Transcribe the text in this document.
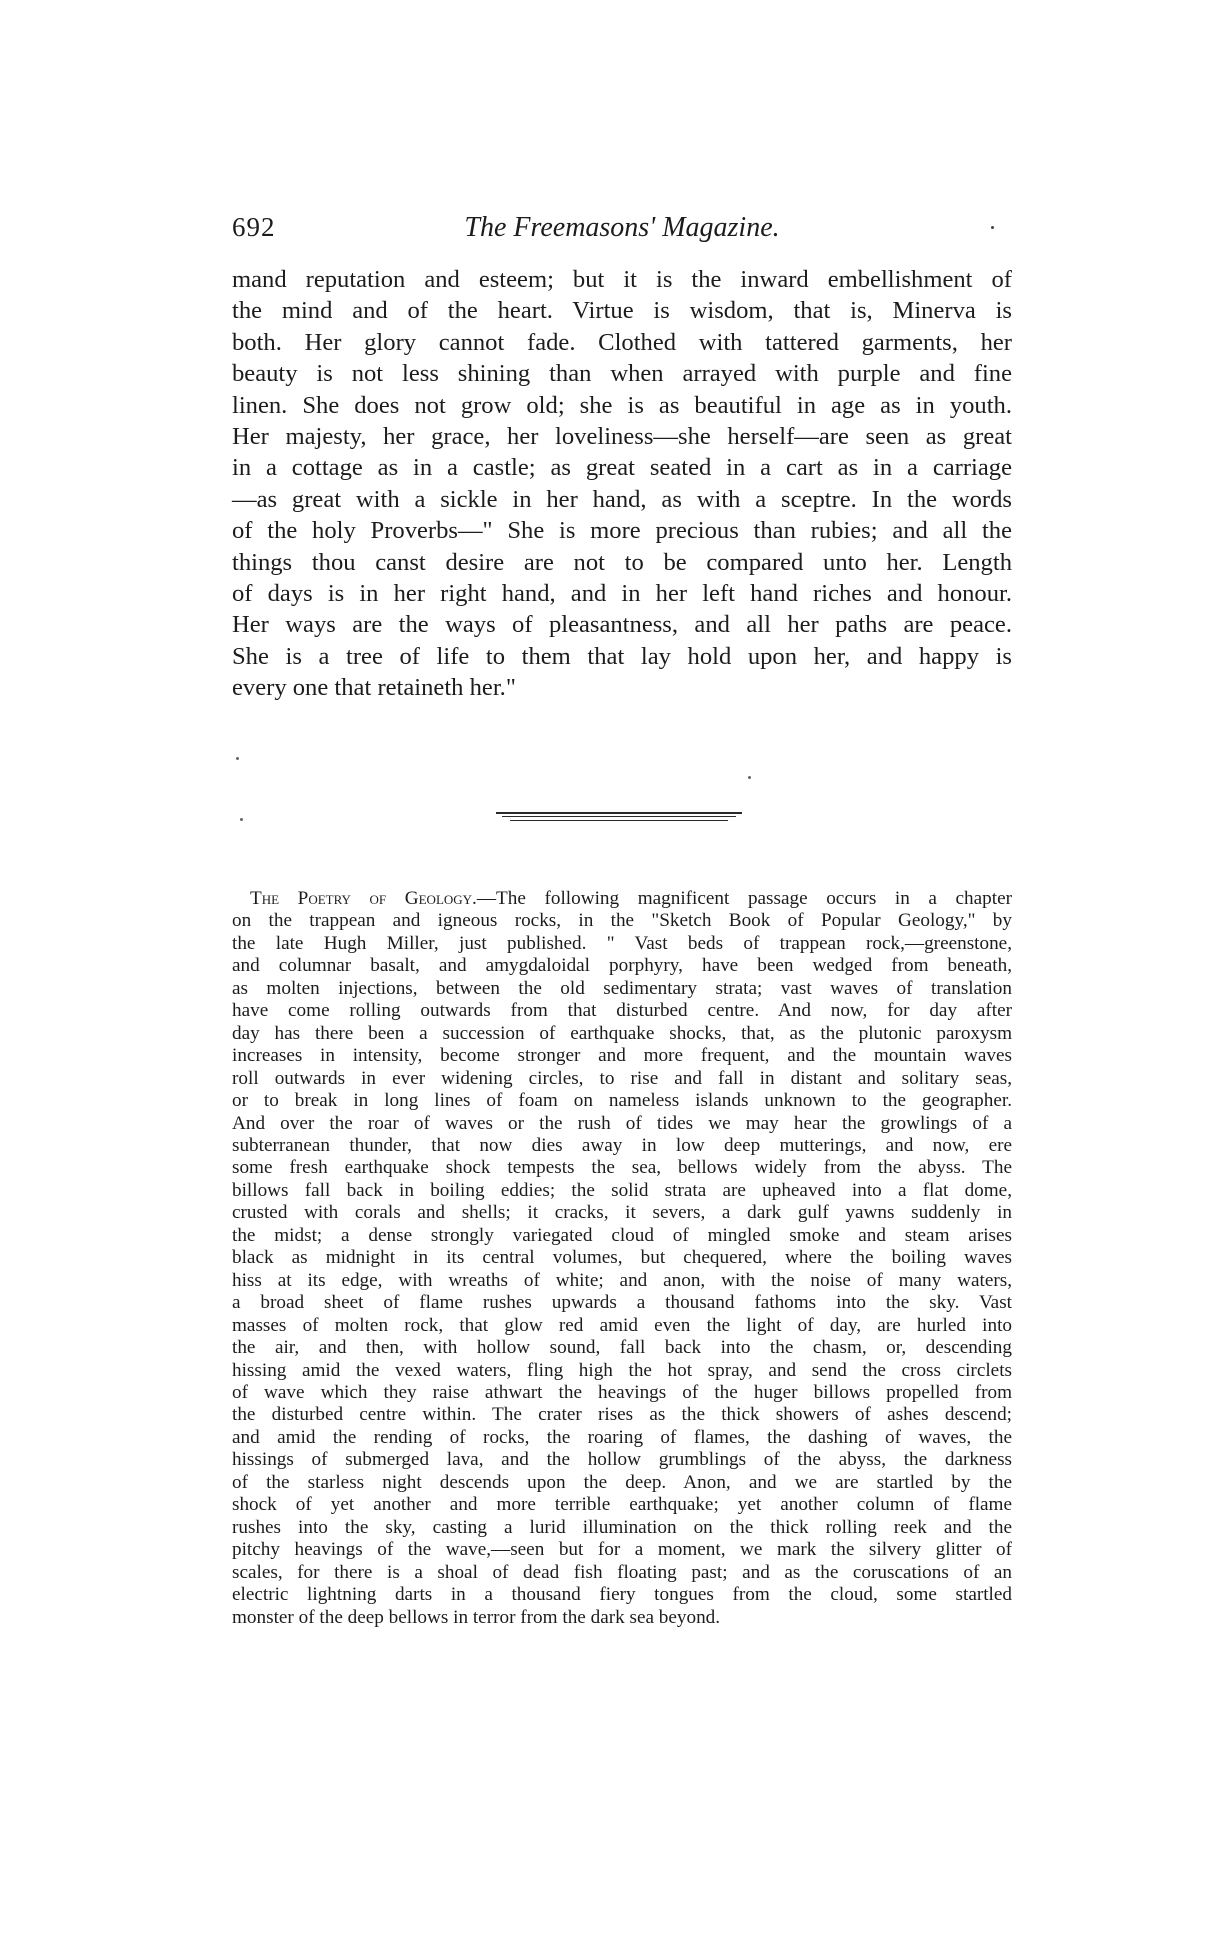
692	The Freemasons' Magazine.
mand reputation and esteem; but it is the inward embellishment of
the mind and of the heart. Virtue is wisdom, that is, Minerva is
both. Her glory cannot fade. Clothed with tattered garments, her
beauty is not less shining than when arrayed with purple and fine
linen. She does not grow old; she is as beautiful in age as in youth.
Her majesty, her grace, her loveliness—she herself—are seen as great
in a cottage as in a castle; as great seated in a cart as in a carriage
—as great with a sickle in her hand, as with a sceptre. In the words
of the holy Proverbs—" She is more precious than rubies; and all the
things thou canst desire are not to be compared unto her. Length
of days is in her right hand, and in her left hand riches and honour.
Her ways are the ways of pleasantness, and all her paths are peace.
She is a tree of life to them that lay hold upon her, and happy is
every one that retaineth her."
The Poetry of Geology.—The following magnificent passage occurs in a chapter
on the trappean and igneous rocks, in the "Sketch Book of Popular Geology," by
the late Hugh Miller, just published. " Vast beds of trappean rock,—greenstone,
and columnar basalt, and amygdaloidal porphyry, have been wedged from beneath,
as molten injections, between the old sedimentary strata; vast waves of translation
have come rolling outwards from that disturbed centre. And now, for day after
day has there been a succession of earthquake shocks, that, as the plutonic paroxysm
increases in intensity, become stronger and more frequent, and the mountain waves
roll outwards in ever widening circles, to rise and fall in distant and solitary seas,
or to break in long lines of foam on nameless islands unknown to the geographer.
And over the roar of waves or the rush of tides we may hear the growlings of a
subterranean thunder, that now dies away in low deep mutterings, and now, ere
some fresh earthquake shock tempests the sea, bellows widely from the abyss. The
billows fall back in boiling eddies; the solid strata are upheaved into a flat dome,
crusted with corals and shells; it cracks, it severs, a dark gulf yawns suddenly in
the midst; a dense strongly variegated cloud of mingled smoke and steam arises
black as midnight in its central volumes, but chequered, where the boiling waves
hiss at its edge, with wreaths of white; and anon, with the noise of many waters,
a broad sheet of flame rushes upwards a thousand fathoms into the sky. Vast
masses of molten rock, that glow red amid even the light of day, are hurled into
the air, and then, with hollow sound, fall back into the chasm, or, descending
hissing amid the vexed waters, fling high the hot spray, and send the cross circlets
of wave which they raise athwart the heavings of the huger billows propelled from
the disturbed centre within. The crater rises as the thick showers of ashes descend;
and amid the rending of rocks, the roaring of flames, the dashing of waves, the
hissings of submerged lava, and the hollow grumblings of the abyss, the darkness
of the starless night descends upon the deep. Anon, and we are startled by the
shock of yet another and more terrible earthquake; yet another column of flame
rushes into the sky, casting a lurid illumination on the thick rolling reek and the
pitchy heavings of the wave,—seen but for a moment, we mark the silvery glitter of
scales, for there is a shoal of dead fish floating past; and as the coruscations of an
electric lightning darts in a thousand fiery tongues from the cloud, some startled
monster of the deep bellows in terror from the dark sea beyond.
